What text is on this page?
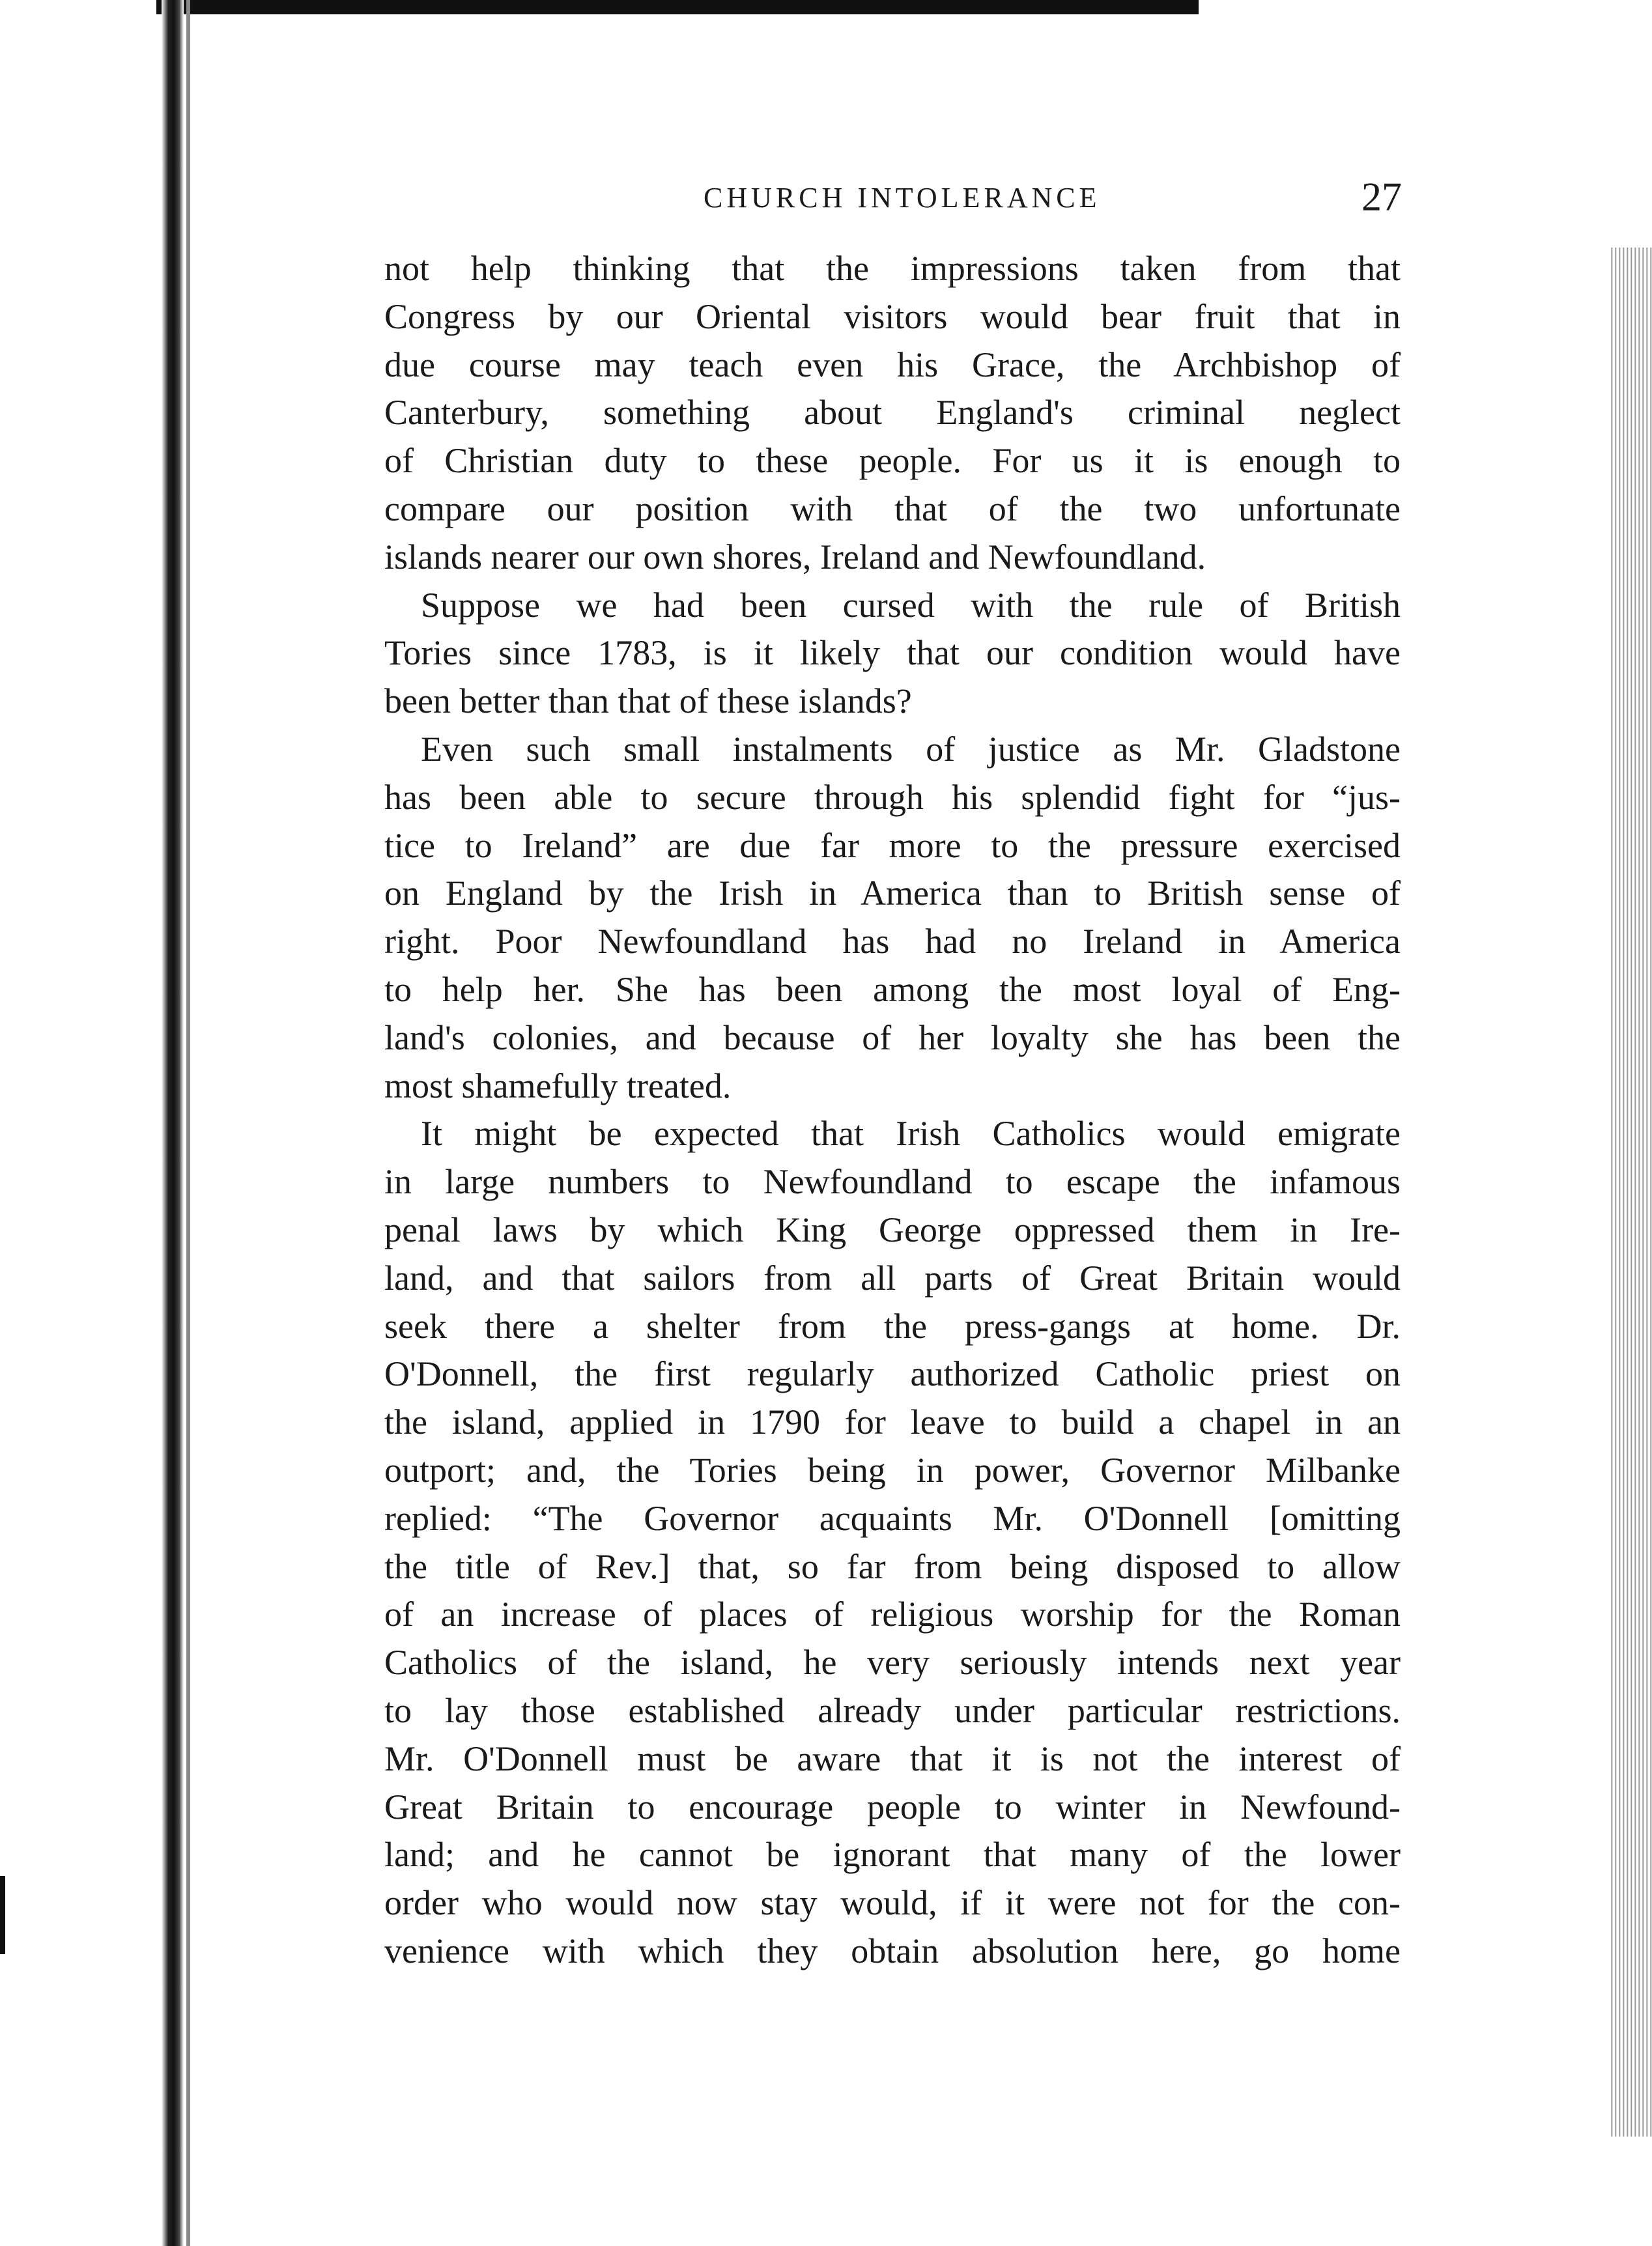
CHURCH INTOLERANCE	27
not help thinking that the impressions taken from that
Congress by our Oriental visitors would bear fruit that in
due course may teach even his Grace, the Archbishop of
Canterbury, something about England's criminal neglect
of Christian duty to these people. For us it is enough to
compare our position with that of the two unfortunate
islands nearer our own shores, Ireland and Newfoundland.
Suppose we had been cursed with the rule of British
Tories since 1783, is it likely that our condition would have
been better than that of these islands?
Even such small instalments of justice as Mr. Gladstone
has been able to secure through his splendid fight for “jus-
tice to Ireland” are due far more to the pressure exercised
on England by the Irish in America than to British sense of
right. Poor Newfoundland has had no Ireland in America
to help her. She has been among the most loyal of Eng-
land's colonies, and because of her loyalty she has been the
most shamefully treated.
It might be expected that Irish Catholics would emigrate
in large numbers to Newfoundland to escape the infamous
penal laws by which King George oppressed them in Ire-
land, and that sailors from all parts of Great Britain would
seek there a shelter from the press-gangs at home. Dr.
O'Donnell, the first regularly authorized Catholic priest on
the island, applied in 1790 for leave to build a chapel in an
outport; and, the Tories being in power, Governor Milbanke
replied: “The Governor acquaints Mr. O'Donnell [omitting
the title of Rev.] that, so far from being disposed to allow
of an increase of places of religious worship for the Roman
Catholics of the island, he very seriously intends next year
to lay those established already under particular restrictions.
Mr. O'Donnell must be aware that it is not the interest of
Great Britain to encourage people to winter in Newfound-
land; and he cannot be ignorant that many of the lower
order who would now stay would, if it were not for the con-
venience with which they obtain absolution here, go home
